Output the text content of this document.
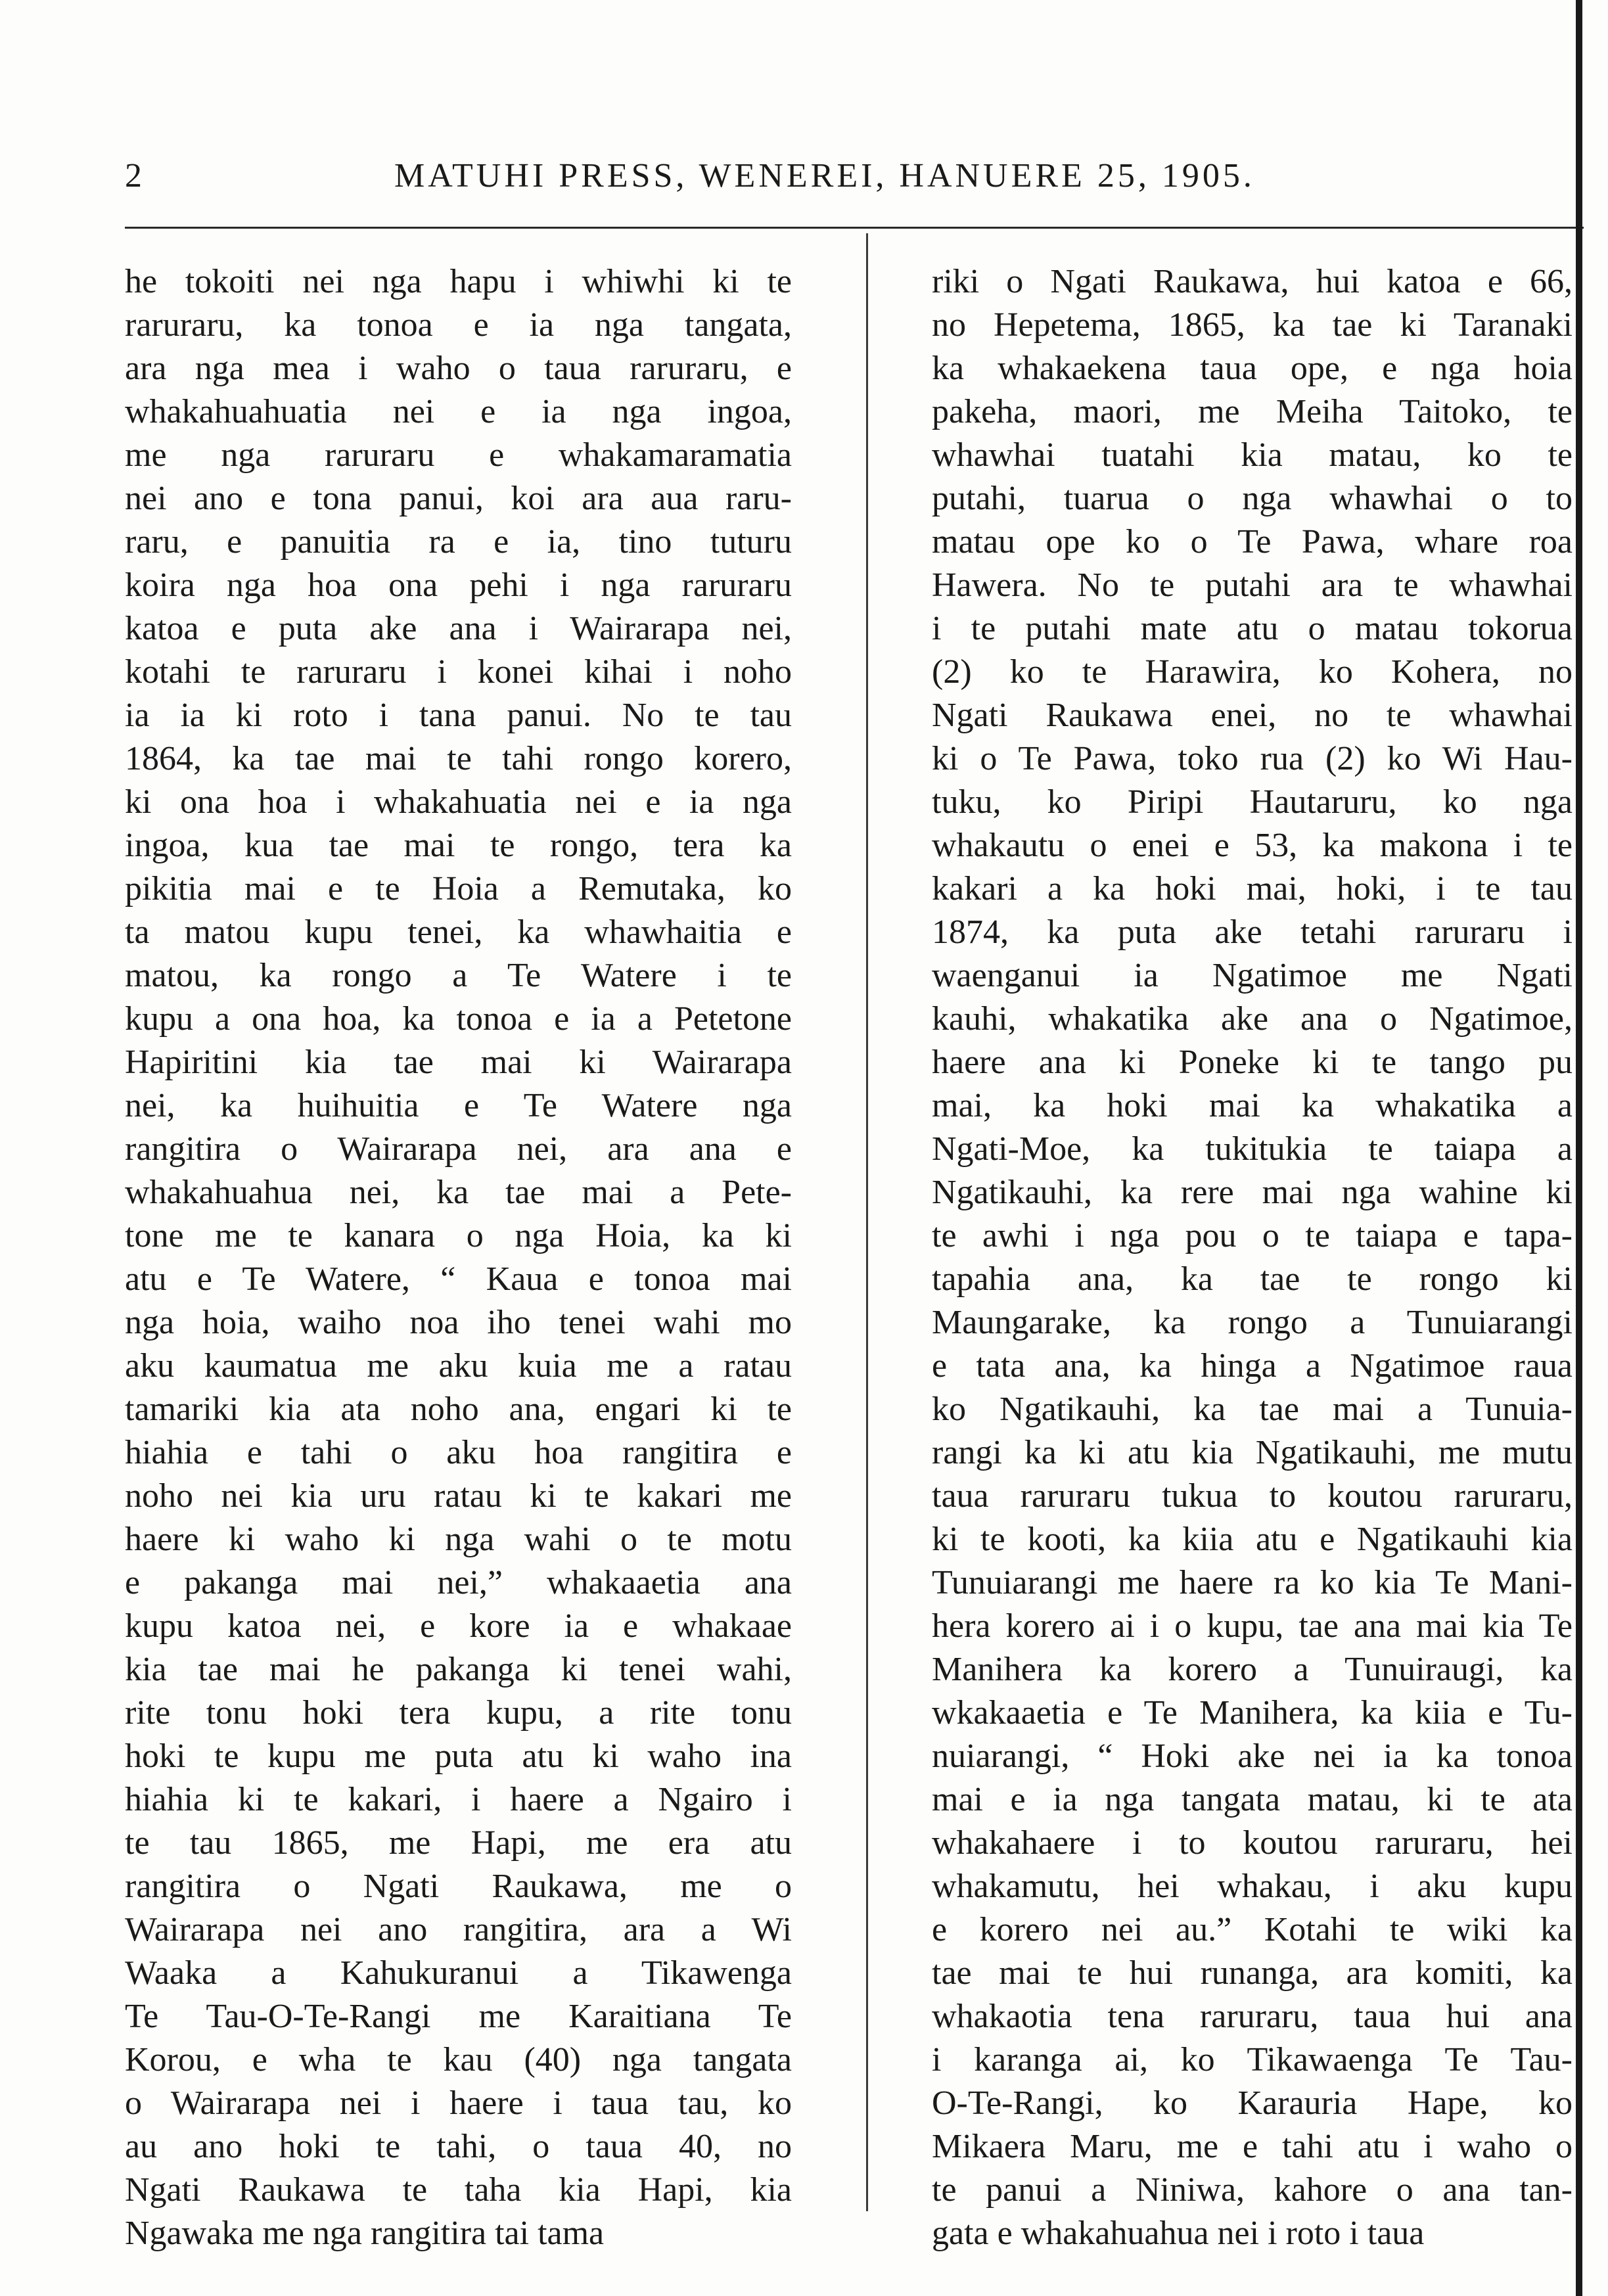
2	MATUHI PRESS, WENEREI, HANUERE 25, 1905.
he tokoiti nei nga hapu i whiwhi ki te
raruraru, ka tonoa e ia nga tangata,
ara nga mea i waho o taua raruraru, e
whakahuahuatia nei e ia nga ingoa,
me nga raruraru e whakamaramatia
nei ano e tona panui, koi ara aua raru-
raru, e panuitia ra e ia, tino tuturu
koira nga hoa ona pehi i nga raruraru
katoa e puta ake ana i Wairarapa nei,
kotahi te raruraru i konei kihai i noho
ia ia ki roto i tana panui. No te tau
1864, ka tae mai te tahi rongo korero,
ki ona hoa i whakahuatia nei e ia nga
ingoa, kua tae mai te rongo, tera ka
pikitia mai e te Hoia a Remutaka, ko
ta matou kupu tenei, ka whawhaitia e
matou, ka rongo a Te Watere i te
kupu a ona hoa, ka tonoa e ia a Petetone
Hapiritini kia tae mai ki Wairarapa
nei, ka huihuitia e Te Watere nga
rangitira o Wairarapa nei, ara ana e
whakahuahua nei, ka tae mai a Pete-
tone me te kanara o nga Hoia, ka ki
atu e Te Watere, “ Kaua e tonoa mai
nga hoia, waiho noa iho tenei wahi mo
aku kaumatua me aku kuia me a ratau
tamariki kia ata noho ana, engari ki te
hiahia e tahi o aku hoa rangitira e
noho nei kia uru ratau ki te kakari me
haere ki waho ki nga wahi o te motu
e pakanga mai nei,” whakaaetia ana
kupu katoa nei, e kore ia e whakaae
kia tae mai he pakanga ki tenei wahi,
rite tonu hoki tera kupu, a rite tonu
hoki te kupu me puta atu ki waho ina
hiahia ki te kakari, i haere a Ngairo i
te tau 1865, me Hapi, me era atu
rangitira o Ngati Raukawa, me o
Wairarapa nei ano rangitira, ara a Wi
Waaka a Kahukuranui a Tikawenga
Te Tau-O-Te-Rangi me Karaitiana Te
Korou, e wha te kau (40) nga tangata
o Wairarapa nei i haere i taua tau, ko
au ano hoki te tahi, o taua 40, no
Ngati Raukawa te taha kia Hapi, kia
Ngawaka me nga rangitira tai tama
riki o Ngati Raukawa, hui katoa e 66,
no Hepetema, 1865, ka tae ki Taranaki
ka whakaekena taua ope, e nga hoia
pakeha, maori, me Meiha Taitoko, te
whawhai tuatahi kia matau, ko te
putahi, tuarua o nga whawhai o to
matau ope ko o Te Pawa, whare roa
Hawera. No te putahi ara te whawhai
i te putahi mate atu o matau tokorua
(2) ko te Harawira, ko Kohera, no
Ngati Raukawa enei, no te whawhai
ki o Te Pawa, toko rua (2) ko Wi Hau-
tuku, ko Piripi Hautaruru, ko nga
whakautu o enei e 53, ka makona i te
kakari a ka hoki mai, hoki, i te tau
1874, ka puta ake tetahi raruraru i
waenganui ia Ngatimoe me Ngati
kauhi, whakatika ake ana o Ngatimoe,
haere ana ki Poneke ki te tango pu
mai, ka hoki mai ka whakatika a
Ngati-Moe, ka tukitukia te taiapa a
Ngatikauhi, ka rere mai nga wahine ki
te awhi i nga pou o te taiapa e tapa-
tapahia ana, ka tae te rongo ki
Maungarake, ka rongo a Tunuiarangi
e tata ana, ka hinga a Ngatimoe raua
ko Ngatikauhi, ka tae mai a Tunuia-
rangi ka ki atu kia Ngatikauhi, me mutu
taua raruraru tukua to koutou raruraru,
ki te kooti, ka kiia atu e Ngatikauhi kia
Tunuiarangi me haere ra ko kia Te Mani-
hera korero ai i o kupu, tae ana mai kia Te
Manihera ka korero a Tunuiraugi, ka
wkakaaetia e Te Manihera, ka kiia e Tu-
nuiarangi, “ Hoki ake nei ia ka tonoa
mai e ia nga tangata matau, ki te ata
whakahaere i to koutou raruraru, hei
whakamutu, hei whakau, i aku kupu
e korero nei au.” Kotahi te wiki ka
tae mai te hui runanga, ara komiti, ka
whakaotia tena raruraru, taua hui ana
i karanga ai, ko Tikawaenga Te Tau-
O-Te-Rangi, ko Karauria Hape, ko
Mikaera Maru, me e tahi atu i waho o
te panui a Niniwa, kahore o ana tan-
gata e whakahuahua nei i roto i taua
